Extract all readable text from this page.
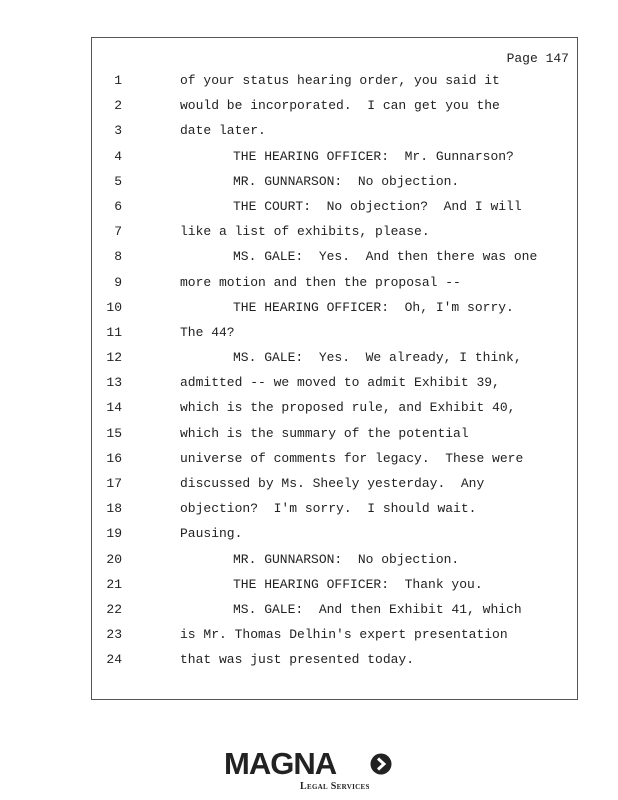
Page 147
1	of your status hearing order, you said it
2	would be incorporated.  I can get you the
3	date later.
4	THE HEARING OFFICER:  Mr. Gunnarson?
5	MR. GUNNARSON:  No objection.
6	THE COURT:  No objection?  And I will
7	like a list of exhibits, please.
8	MS. GALE:  Yes.  And then there was one
9	more motion and then the proposal --
10	THE HEARING OFFICER:  Oh, I'm sorry.
11	The 44?
12	MS. GALE:  Yes.  We already, I think,
13	admitted -- we moved to admit Exhibit 39,
14	which is the proposed rule, and Exhibit 40,
15	which is the summary of the potential
16	universe of comments for legacy.  These were
17	discussed by Ms. Sheely yesterday.  Any
18	objection?  I'm sorry.  I should wait.
19	Pausing.
20	MR. GUNNARSON:  No objection.
21	THE HEARING OFFICER:  Thank you.
22	MS. GALE:  And then Exhibit 41, which
23	is Mr. Thomas Delhin's expert presentation
24	that was just presented today.
MAGNA
Legal Services
